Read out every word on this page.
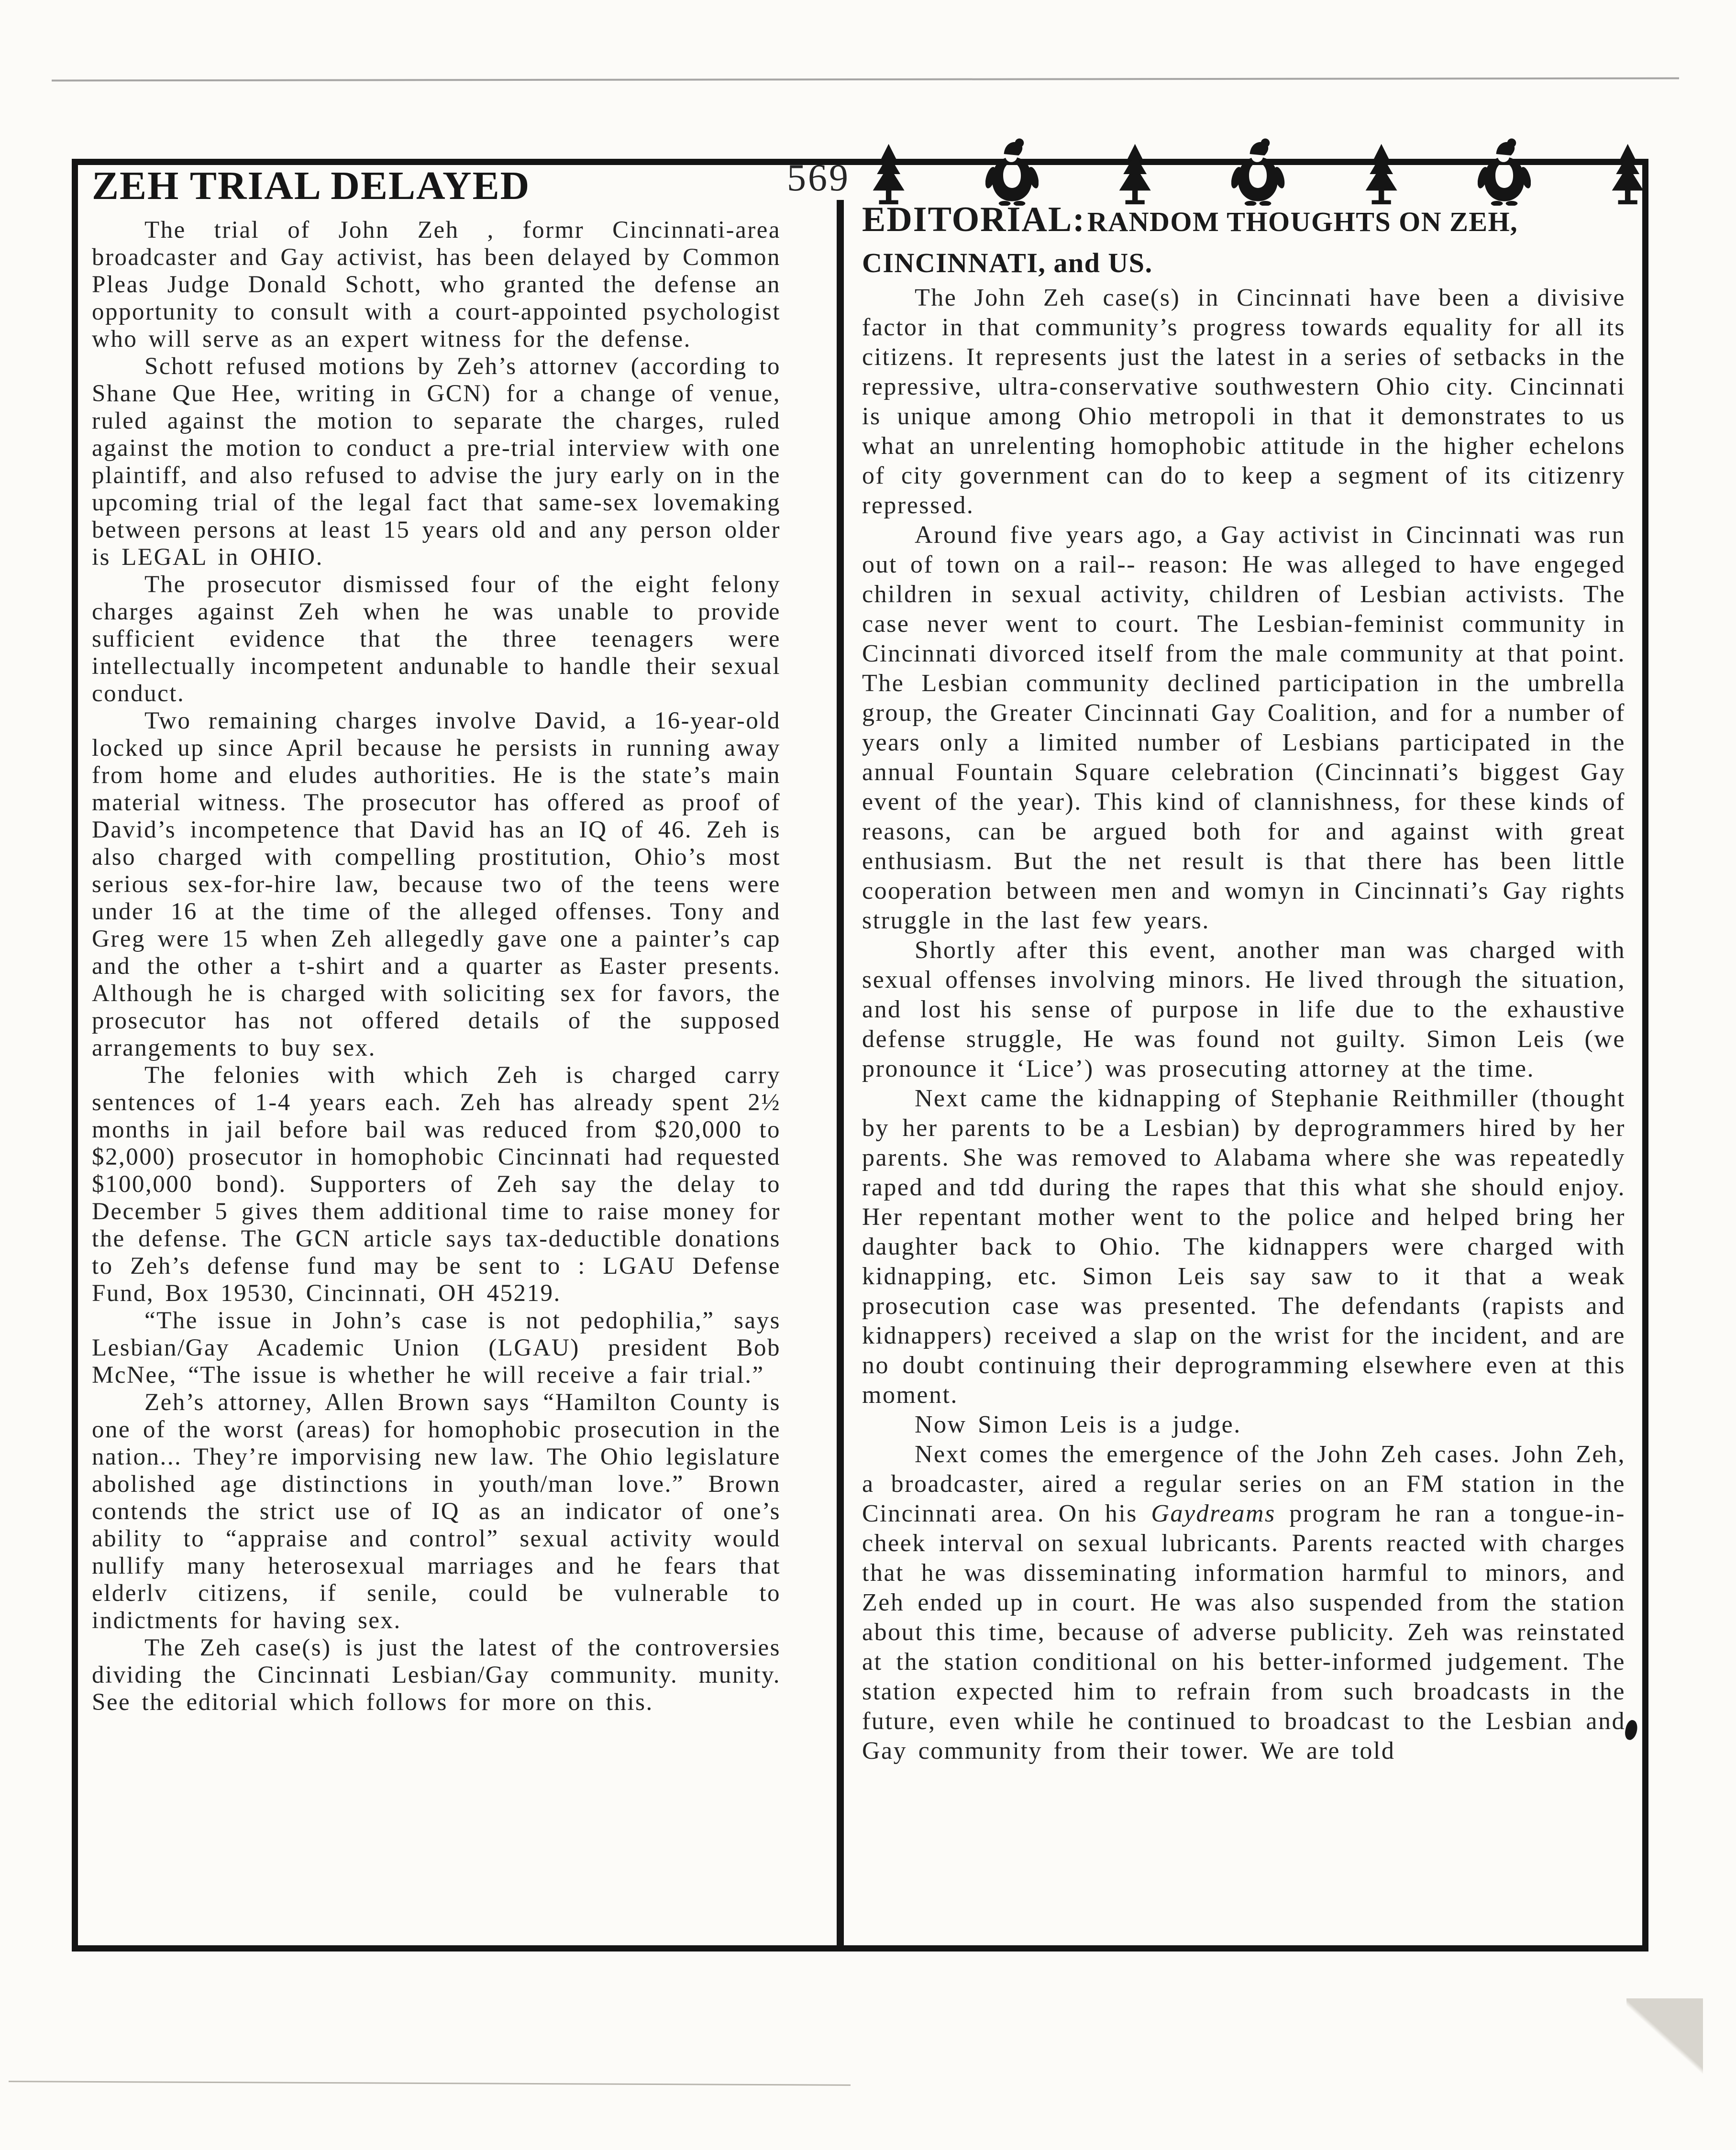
569
ZEH TRIAL DELAYED

The trial of John Zeh , formr Cincinnati-area broadcaster and Gay activist, has been delayed by Common Pleas Judge Donald Schott, who granted the defense an opportunity to consult with a court-appointed psychologist who will serve as an expert witness for the defense.

Schott refused motions by Zeh’s attornev (according to Shane Que Hee, writing in GCN) for a change of venue, ruled against the motion to separate the charges, ruled against the motion to conduct a pre-trial interview with one plaintiff, and also refused to advise the jury early on in the upcoming trial of the legal fact that same-sex lovemaking between persons at least 15 years old and any person older is LEGAL in OHIO.

The prosecutor dismissed four of the eight felony charges against Zeh when he was unable to provide sufficient evidence that the three teenagers were intellectually incompetent andunable to handle their sexual conduct.

Two remaining charges involve David, a 16-year-old locked up since April because he persists in running away from home and eludes authorities. He is the state’s main material witness. The prosecutor has offered as proof of David’s incompetence that David has an IQ of 46. Zeh is also charged with compelling prostitution, Ohio’s most serious sex-for-hire law, because two of the teens were under 16 at the time of the alleged offenses. Tony and Greg were 15 when Zeh allegedly gave one a painter’s cap and the other a t-shirt and a quarter as Easter presents. Although he is charged with soliciting sex for favors, the prosecutor has not offered details of the supposed arrangements to buy sex.

The felonies with which Zeh is charged carry sentences of 1-4 years each. Zeh has already spent 2½ months in jail before bail was reduced from $20,000 to $2,000) prosecutor in homophobic Cincinnati had requested $100,000 bond). Supporters of Zeh say the delay to December 5 gives them additional time to raise money for the defense. The GCN article says tax-deductible donations to Zeh’s defense fund may be sent to : LGAU Defense Fund, Box 19530, Cincinnati, OH 45219.

“The issue in John’s case is not pedophilia,” says Lesbian/Gay Academic Union (LGAU) president Bob McNee, “The issue is whether he will receive a fair trial.”

Zeh’s attorney, Allen Brown says “Hamilton County is one of the worst (areas) for homophobic prosecution in the nation... They’re imporvising new law. The Ohio legislature abolished age distinctions in youth/man love.” Brown contends the strict use of IQ as an indicator of one’s ability to “appraise and control” sexual activity would nullify many heterosexual marriages and he fears that elderlv citizens, if senile, could be vulnerable to indictments for having sex.

The Zeh case(s) is just the latest of the controversies dividing the Cincinnati Lesbian/Gay community. munity. See the editorial which follows for more on this.

EDITORIAL: RANDOM THOUGHTS ON ZEH,
CINCINNATI, and US.

The John Zeh case(s) in Cincinnati have been a divisive factor in that community’s progress towards equality for all its citizens. It represents just the latest in a series of setbacks in the repressive, ultra-conservative southwestern Ohio city. Cincinnati is unique among Ohio metropoli in that it demonstrates to us what an unrelenting homophobic attitude in the higher echelons of city government can do to keep a segment of its citizenry repressed.

Around five years ago, a Gay activist in Cincinnati was run out of town on a rail-- reason: He was alleged to have engeged children in sexual activity, children of Lesbian activists. The case never went to court. The Lesbian-feminist community in Cincinnati divorced itself from the male community at that point. The Lesbian community declined participation in the umbrella group, the Greater Cincinnati Gay Coalition, and for a number of years only a limited number of Lesbians participated in the annual Fountain Square celebration (Cincinnati’s biggest Gay event of the year). This kind of clannishness, for these kinds of reasons, can be argued both for and against with great enthusiasm. But the net result is that there has been little cooperation between men and womyn in Cincinnati’s Gay rights struggle in the last few years.

Shortly after this event, another man was charged with sexual offenses involving minors. He lived through the situation, and lost his sense of purpose in life due to the exhaustive defense struggle, He was found not guilty. Simon Leis (we pronounce it ‘Lice’) was prosecuting attorney at the time.

Next came the kidnapping of Stephanie Reithmiller (thought by her parents to be a Lesbian) by deprogrammers hired by her parents. She was removed to Alabama where she was repeatedly raped and tdd during the rapes that this what she should enjoy. Her repentant mother went to the police and helped bring her daughter back to Ohio. The kidnappers were charged with kidnapping, etc. Simon Leis say saw to it that a weak prosecution case was presented. The defendants (rapists and kidnappers) received a slap on the wrist for the incident, and are no doubt continuing their deprogramming elsewhere even at this moment.

Now Simon Leis is a judge.

Next comes the emergence of the John Zeh cases. John Zeh, a broadcaster, aired a regular series on an FM station in the Cincinnati area. On his Gaydreams program he ran a tongue-in-cheek interval on sexual lubricants. Parents reacted with charges that he was disseminating information harmful to minors, and Zeh ended up in court. He was also suspended from the station about this time, because of adverse publicity. Zeh was reinstated at the station conditional on his better-informed judgement. The station expected him to refrain from such broadcasts in the future, even while he continued to broadcast to the Lesbian and Gay community from their tower. We are told
